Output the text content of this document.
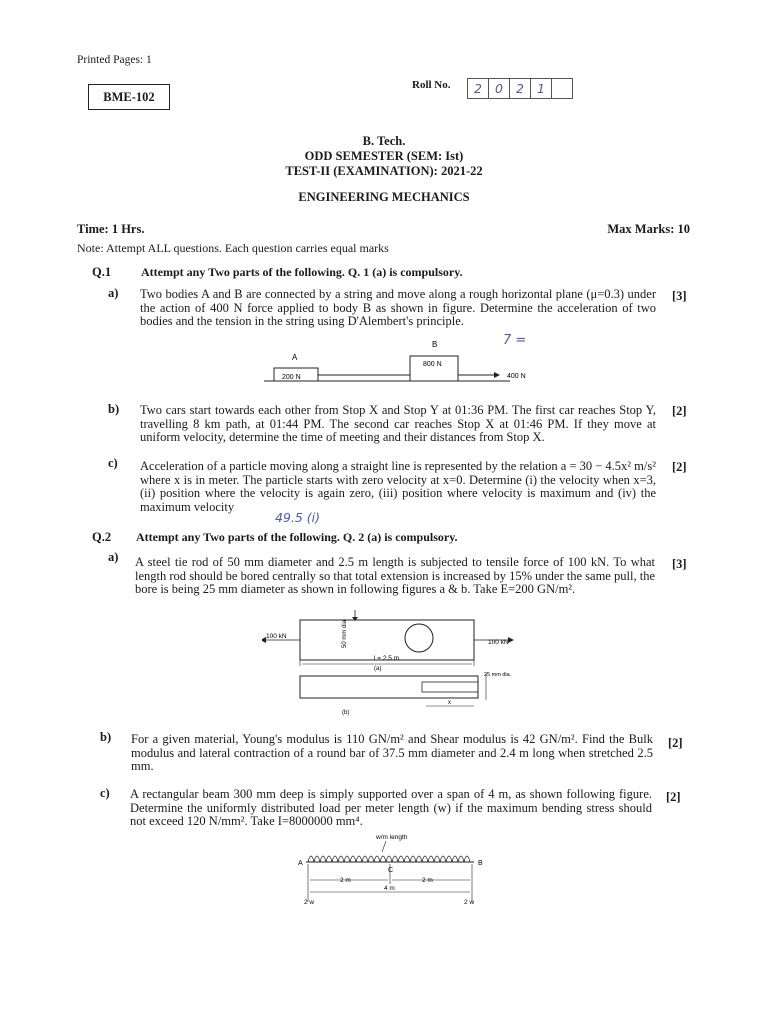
Printed Pages: 1
BME-102
Roll No.	2	0	2	1
B. Tech.
ODD SEMESTER (SEM: Ist)
TEST-II (EXAMINATION): 2021-22
ENGINEERING MECHANICS
Time: 1 Hrs.	Max Marks: 10
Note: Attempt ALL questions. Each question carries equal marks
Q.1 Attempt any Two parts of the following. Q. 1 (a) is compulsory.
a) Two bodies A and B are connected by a string and move along a rough horizontal plane (μ=0.3) under the action of 400 N force applied to body B as shown in figure. Determine the acceleration of two bodies and the tension in the string using D'Alembert's principle.
[3]
7 =
A
B
200 N
800 N
400 N
b) Two cars start towards each other from Stop X and Stop Y at 01:36 PM. The first car reaches Stop Y, travelling 8 km path, at 01:44 PM. The second car reaches Stop X at 01:46 PM. If they move at uniform velocity, determine the time of meeting and their distances from Stop X.
[2]
c) Acceleration of a particle moving along a straight line is represented by the relation a = 30 − 4.5x² m/s² where x is in meter. The particle starts with zero velocity at x=0. Determine (i) the velocity when x=3, (ii) position where the velocity is again zero, (iii) position where velocity is maximum and (iv) the maximum velocity
[2]
49.5 (i)
Q.2 Attempt any Two parts of the following. Q. 2 (a) is compulsory.
a) A steel tie rod of 50 mm diameter and 2.5 m length is subjected to tensile force of 100 kN. To what length rod should be bored centrally so that total extension is increased by 15% under the same pull, the bore is being 25 mm diameter as shown in following figures a & b. Take E=200 GN/m².
[3]
100 kN
100 kN
50 mm dia
l = 2.5 m
(a)
25 mm dia.
x
(b)
b) For a given material, Young's modulus is 110 GN/m² and Shear modulus is 42 GN/m². Find the Bulk modulus and lateral contraction of a round bar of 37.5 mm diameter and 2.4 m long when stretched 2.5 mm.
[2]
c) A rectangular beam 300 mm deep is simply supported over a span of 4 m, as shown following figure. Determine the uniformly distributed load per meter length (w) if the maximum bending stress should not exceed 120 N/mm². Take I=8000000 mm⁴.
[2]
w/m length
A	B
C
2 m	2 m
4 m
2 w	2 w
